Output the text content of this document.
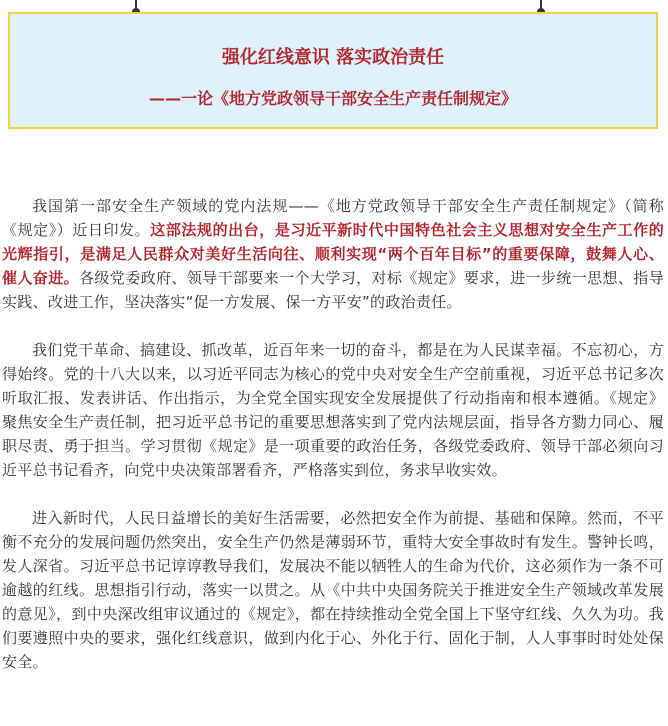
强化红线意识 落实政治责任
——一论《地方党政领导干部安全生产责任制规定》

我国第一部安全生产领域的党内法规——《地方党政领导干部安全生产责任制规定》（简称《规定》）近日印发。这部法规的出台，是习近平新时代中国特色社会主义思想对安全生产工作的光辉指引，是满足人民群众对美好生活向往、顺利实现“两个百年目标”的重要保障，鼓舞人心、催人奋进。各级党委政府、领导干部要来一个大学习，对标《规定》要求，进一步统一思想、指导实践、改进工作，坚决落实“促一方发展、保一方平安”的政治责任。

我们党干革命、搞建设、抓改革，近百年来一切的奋斗，都是在为人民谋幸福。不忘初心，方得始终。党的十八大以来，以习近平同志为核心的党中央对安全生产空前重视，习近平总书记多次听取汇报、发表讲话、作出指示，为全党全国实现安全发展提供了行动指南和根本遵循。《规定》聚焦安全生产责任制，把习近平总书记的重要思想落实到了党内法规层面，指导各方勠力同心、履职尽责、勇于担当。学习贯彻《规定》是一项重要的政治任务，各级党委政府、领导干部必须向习近平总书记看齐，向党中央决策部署看齐，严格落实到位，务求早收实效。

进入新时代，人民日益增长的美好生活需要，必然把安全作为前提、基础和保障。然而，不平衡不充分的发展问题仍然突出，安全生产仍然是薄弱环节，重特大安全事故时有发生。警钟长鸣，发人深省。习近平总书记谆谆教导我们，发展决不能以牺牲人的生命为代价，这必须作为一条不可逾越的红线。思想指引行动，落实一以贯之。从《中共中央国务院关于推进安全生产领域改革发展的意见》，到中央深改组审议通过的《规定》，都在持续推动全党全国上下坚守红线、久久为功。我们要遵照中央的要求，强化红线意识，做到内化于心、外化于行、固化于制，人人事事时时处处保安全。
